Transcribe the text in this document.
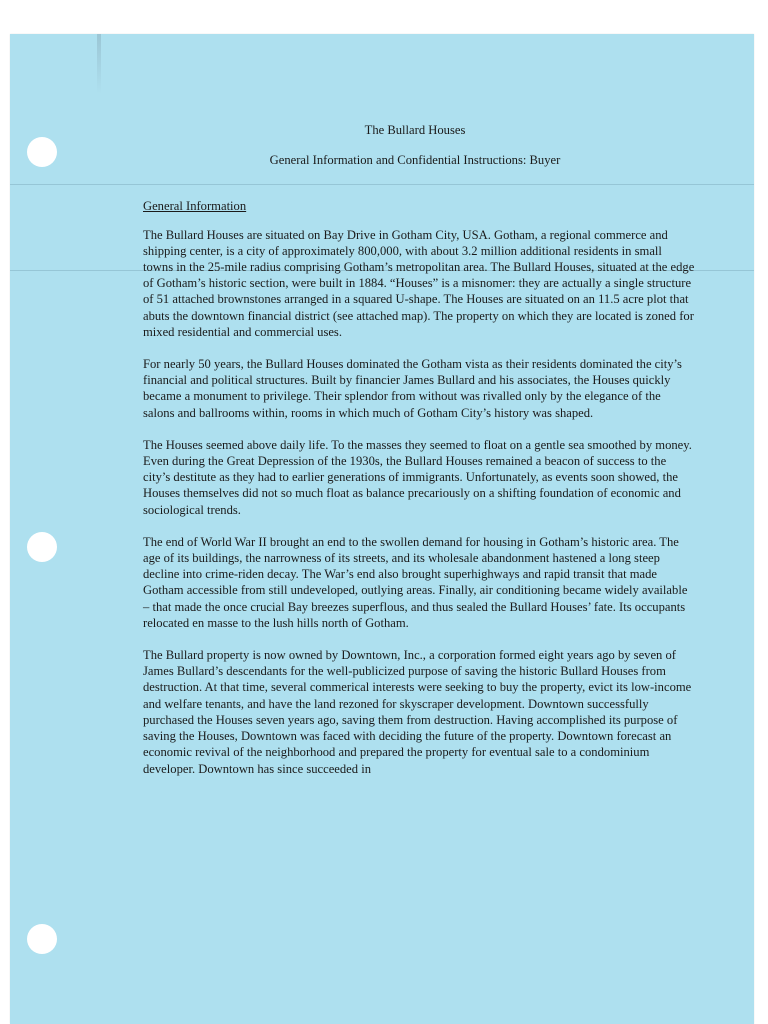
The Bullard Houses
General Information and Confidential Instructions: Buyer
General Information

The Bullard Houses are situated on Bay Drive in Gotham City, USA. Gotham, a regional commerce and shipping center, is a city of approximately 800,000, with about 3.2 million additional residents in small towns in the 25-mile radius comprising Gotham’s metropolitan area. The Bullard Houses, situated at the edge of Gotham’s historic section, were built in 1884. “Houses” is a misnomer: they are actually a single structure of 51 attached brownstones arranged in a squared U-shape. The Houses are situated on an 11.5 acre plot that abuts the downtown financial district (see attached map). The property on which they are located is zoned for mixed residential and commercial uses.

For nearly 50 years, the Bullard Houses dominated the Gotham vista as their residents dominated the city’s financial and political structures. Built by financier James Bullard and his associates, the Houses quickly became a monument to privilege. Their splendor from without was rivalled only by the elegance of the salons and ballrooms within, rooms in which much of Gotham City’s history was shaped.

The Houses seemed above daily life. To the masses they seemed to float on a gentle sea smoothed by money. Even during the Great Depression of the 1930s, the Bullard Houses remained a beacon of success to the city’s destitute as they had to earlier generations of immigrants. Unfortunately, as events soon showed, the Houses themselves did not so much float as balance precariously on a shifting foundation of economic and sociological trends.

The end of World War II brought an end to the swollen demand for housing in Gotham’s historic area. The age of its buildings, the narrowness of its streets, and its wholesale abandonment hastened a long steep decline into crime-riden decay. The War’s end also brought superhighways and rapid transit that made Gotham accessible from still undeveloped, outlying areas. Finally, air conditioning became widely available – that made the once crucial Bay breezes superflous, and thus sealed the Bullard Houses’ fate. Its occupants relocated en masse to the lush hills north of Gotham.

The Bullard property is now owned by Downtown, Inc., a corporation formed eight years ago by seven of James Bullard’s descendants for the well-publicized purpose of saving the historic Bullard Houses from destruction. At that time, several commerical interests were seeking to buy the property, evict its low-income and welfare tenants, and have the land rezoned for skyscraper development. Downtown successfully purchased the Houses seven years ago, saving them from destruction. Having accomplished its purpose of saving the Houses, Downtown was faced with deciding the future of the property. Downtown forecast an economic revival of the neighborhood and prepared the property for eventual sale to a condominium developer. Downtown has since succeeded in
